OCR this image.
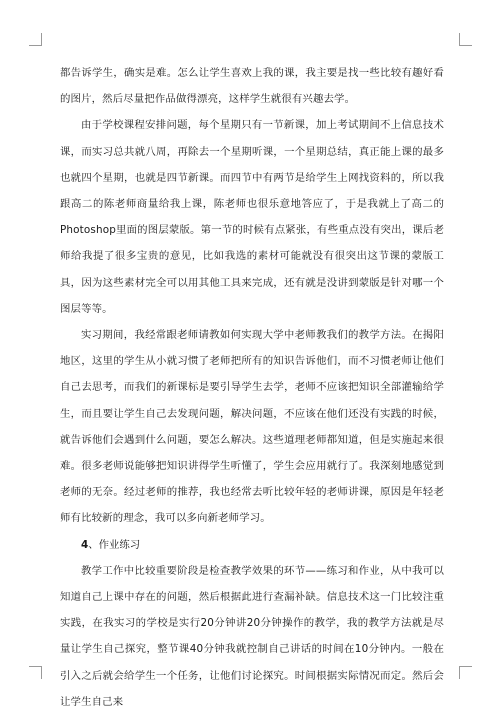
都告诉学生，确实是难。怎么让学生喜欢上我的课，我主要是找一些比较有趣好看的图片，然后尽量把作品做得漂亮，这样学生就很有兴趣去学。

由于学校课程安排问题，每个星期只有一节新课，加上考试期间不上信息技术课，而实习总共就八周，再除去一个星期听课，一个星期总结，真正能上课的最多也就四个星期，也就是四节新课。而四节中有两节是给学生上网找资料的，所以我跟高二的陈老师商量给我上课，陈老师也很乐意地答应了，于是我就上了高二的Photoshop里面的图层蒙版。第一节的时候有点紧张，有些重点没有突出，课后老师给我提了很多宝贵的意见，比如我选的素材可能就没有很突出这节课的蒙版工具，因为这些素材完全可以用其他工具来完成，还有就是没讲到蒙版是针对哪一个图层等等。

实习期间，我经常跟老师请教如何实现大学中老师教我们的教学方法。在揭阳地区，这里的学生从小就习惯了老师把所有的知识告诉他们，而不习惯老师让他们自己去思考，而我们的新课标是要引导学生去学，老师不应该把知识全部灌输给学生，而且要让学生自己去发现问题，解决问题，不应该在他们还没有实践的时候，就告诉他们会遇到什么问题，要怎么解决。这些道理老师都知道，但是实施起来很难。很多老师说能够把知识讲得学生听懂了，学生会应用就行了。我深刻地感觉到老师的无奈。经过老师的推荐，我也经常去听比较年轻的老师讲课，原因是年轻老师有比较新的理念，我可以多向新老师学习。

4、作业练习

教学工作中比较重要阶段是检查教学效果的环节——练习和作业，从中我可以知道自己上课中存在的问题，然后根据此进行查漏补缺。信息技术这一门比较注重实践，在我实习的学校是实行20分钟讲20分钟操作的教学，我的教学方法就是尽量让学生自己探究，整节课40分钟我就控制自己讲话的时间在10分钟内。一般在引入之后就会给学生一个任务，让他们讨论探究。时间根据实际情况而定。然后会让学生自己来
